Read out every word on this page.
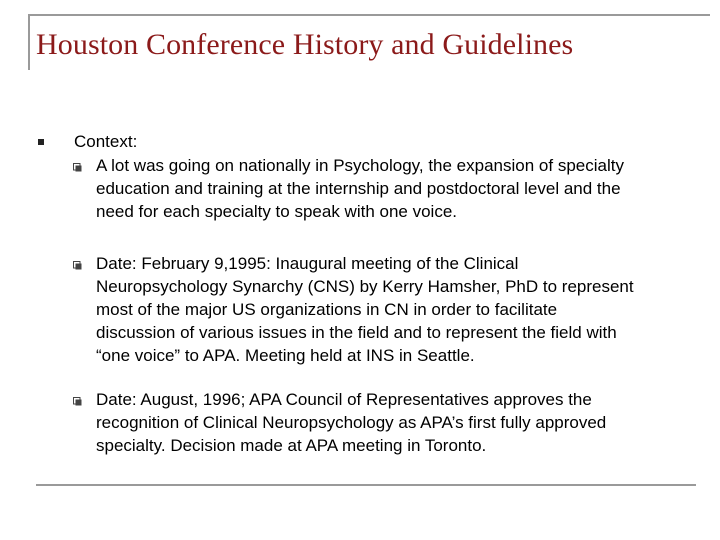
Houston Conference History and Guidelines
Context:
A lot was going on nationally in Psychology, the expansion of specialty
education and training at the internship and postdoctoral level and the
need for each specialty to speak with one voice.
Date: February 9,1995: Inaugural meeting of the Clinical
Neuropsychology Synarchy (CNS) by Kerry Hamsher, PhD to represent
most of the major US organizations in CN in order to facilitate
discussion of various issues in the field and to represent the field with
“one voice” to APA. Meeting held at INS in Seattle.
Date: August, 1996; APA Council of Representatives approves the
recognition of Clinical Neuropsychology as APA’s first fully approved
specialty. Decision made at APA meeting in Toronto.
